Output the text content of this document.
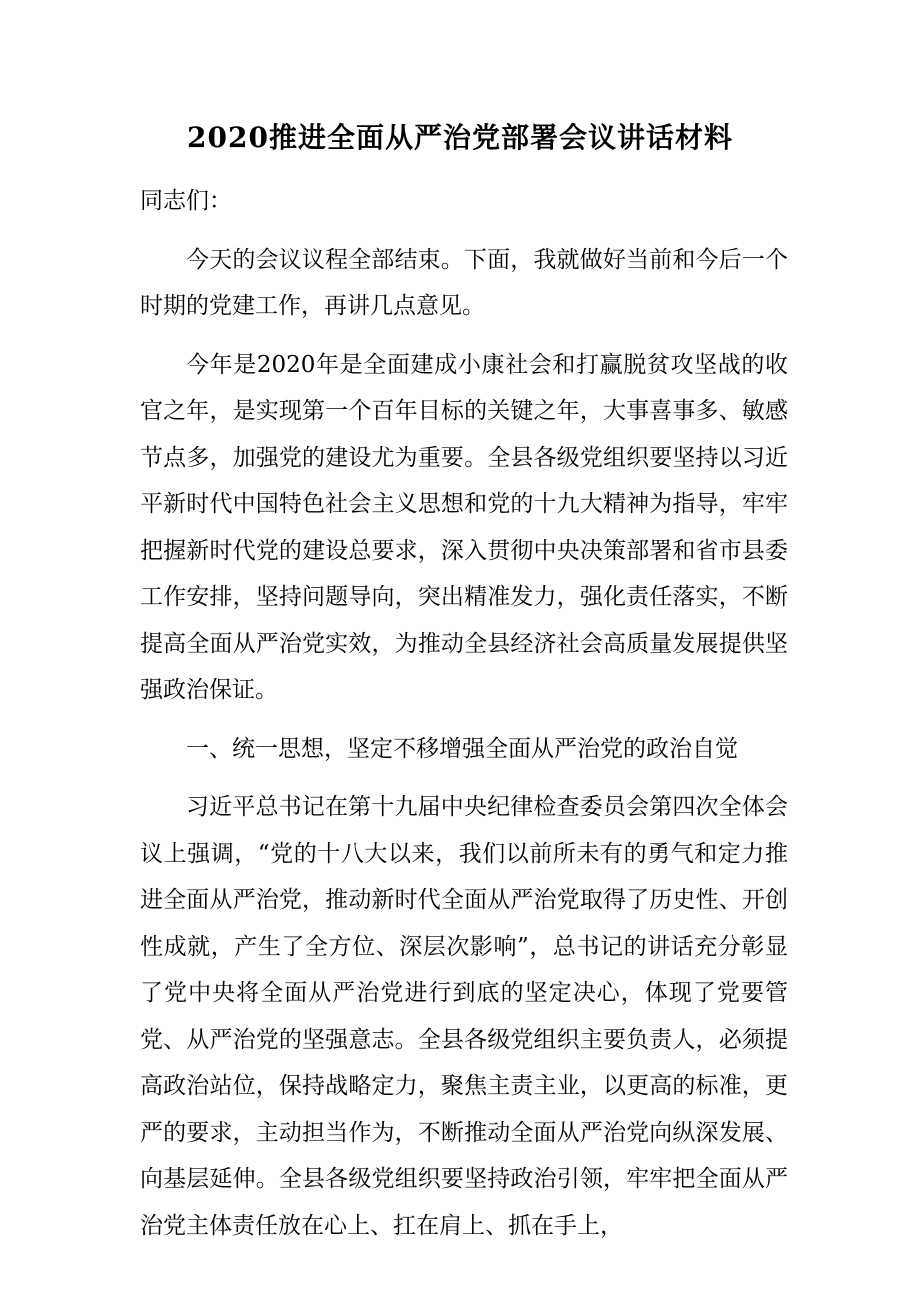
2020推进全面从严治党部署会议讲话材料

同志们：

今天的会议议程全部结束。下面，我就做好当前和今后一个时期的党建工作，再讲几点意见。

今年是2020年是全面建成小康社会和打赢脱贫攻坚战的收官之年，是实现第一个百年目标的关键之年，大事喜事多、敏感节点多，加强党的建设尤为重要。全县各级党组织要坚持以习近平新时代中国特色社会主义思想和党的十九大精神为指导，牢牢把握新时代党的建设总要求，深入贯彻中央决策部署和省市县委工作安排，坚持问题导向，突出精准发力，强化责任落实，不断提高全面从严治党实效，为推动全县经济社会高质量发展提供坚强政治保证。

一、统一思想，坚定不移增强全面从严治党的政治自觉

习近平总书记在第十九届中央纪律检查委员会第四次全体会议上强调，“党的十八大以来，我们以前所未有的勇气和定力推进全面从严治党，推动新时代全面从严治党取得了历史性、开创性成就，产生了全方位、深层次影响”，总书记的讲话充分彰显了党中央将全面从严治党进行到底的坚定决心，体现了党要管党、从严治党的坚强意志。全县各级党组织主要负责人，必须提高政治站位，保持战略定力，聚焦主责主业，以更高的标准，更严的要求，主动担当作为，不断推动全面从严治党向纵深发展、向基层延伸。全县各级党组织要坚持政治引领，牢牢把全面从严治党主体责任放在心上、扛在肩上、抓在手上，
